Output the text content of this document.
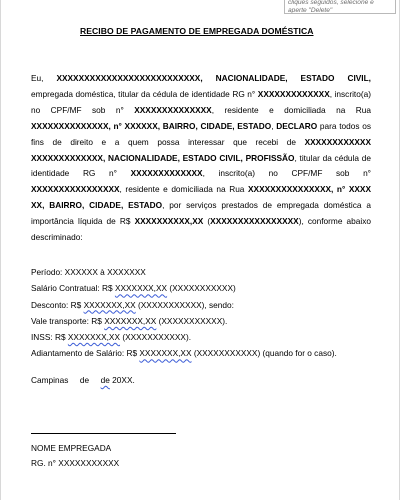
cliques seguidos, selecione e
aperte "Delete"
RECIBO DE PAGAMENTO DE EMPREGADA DOMÉSTICA
Eu, XXXXXXXXXXXXXXXXXXXXXXXXXX, NACIONALIDADE, ESTADO CIVIL, empregada doméstica, titular da cédula de identidade RG n° XXXXXXXXXXXXX, inscrito(a) no CPF/MF sob n° XXXXXXXXXXXXXX, residente e domiciliada na Rua XXXXXXXXXXXXXX, n° XXXXXX, BAIRRO, CIDADE, ESTADO, DECLARO para todos os fins de direito e a quem possa interessar que recebi de XXXXXXXXXXXX XXXXXXXXXXXXX, NACIONALIDADE, ESTADO CIVIL, PROFISSÃO, titular da cédula de identidade RG n° XXXXXXXXXXXXX, inscrito(a) no CPF/MF sob n° XXXXXXXXXXXXXXXX, residente e domiciliada na Rua XXXXXXXXXXXXXXX, n° XXXX XX, BAIRRO, CIDADE, ESTADO, por serviços prestados de empregada doméstica a importância líquida de R$ XXXXXXXXXX,XX (XXXXXXXXXXXXXXXX), conforme abaixo descriminado:
Período: XXXXXX à XXXXXXX
Salário Contratual: R$ XXXXXXX,XX (XXXXXXXXXXX)
Desconto: R$ XXXXXXX,XX (XXXXXXXXXXX), sendo:
Vale transporte: R$ XXXXXXX,XX (XXXXXXXXXXX).
INSS: R$ XXXXXXX,XX (XXXXXXXXXXX).
Adiantamento de Salário: R$ XXXXXXX,XX (XXXXXXXXXXX) (quando for o caso).
Campinas     de     de 20XX.
NOME EMPREGADA
RG. n° XXXXXXXXXXX
